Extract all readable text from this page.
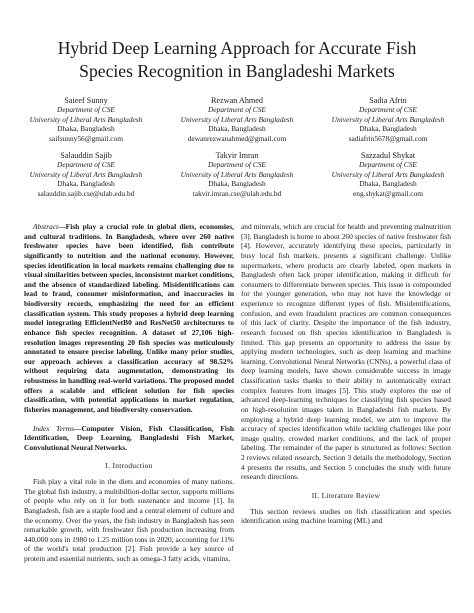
Hybrid Deep Learning Approach for Accurate Fish
Species Recognition in Bangladeshi Markets
Saieef Sunny
Department of CSE
University of Liberal Arts Bangladesh
Dhaka, Bangladesh
saifsunny56@gmail.com
Rezwan Ahmed
Department of CSE
University of Liberal Arts Bangladesh
Dhaka, Bangladesh
dewanrezwanahmed@gmail.com
Sadia Afrin
Department of CSE
University of Liberal Arts Bangladesh
Dhaka, Bangladesh
sadiafrin5678@gmail.com
Salauddin Sajib
Department of CSE
University of Liberal Arts Bangladesh
Dhaka, Bangladesh
salauddin.sajib.cse@ulab.edu.bd
Takvir Imran
Department of CSE
University of Liberal Arts Bangladesh
Dhaka, Bangladesh
takvir.imran.cse@ulab.edu.bd
Sazzadul Shykat
Department of CSE
University of Liberal Arts Bangladesh
Dhaka, Bangladesh
eng.shykat@gmail.com

Abstract—Fish play a crucial role in global diets, economies, and cultural traditions. In Bangladesh, where over 260 native freshwater species have been identified, fish contribute significantly to nutrition and the national economy. However, species identification in local markets remains challenging due to visual similarities between species, inconsistent market conditions, and the absence of standardized labeling. Misidentifications can lead to fraud, consumer misinformation, and inaccuracies in biodiversity records, emphasizing the need for an efficient classification system. This study proposes a hybrid deep learning model integrating EfficientNetB0 and ResNet50 architectures to enhance fish species recognition. A dataset of 27,106 high-resolution images representing 20 fish species was meticulously annotated to ensure precise labeling. Unlike many prior studies, our approach achieves a classification accuracy of 98.52% without requiring data augmentation, demonstrating its robustness in handling real-world variations. The proposed model offers a scalable and efficient solution for fish species classification, with potential applications in market regulation, fisheries management, and biodiversity conservation.

Index Terms—Computer Vision, Fish Classification, Fish Identification, Deep Learning, Bangladeshi Fish Market, Convolutional Neural Networks.

I. Introduction

Fish play a vital role in the diets and economies of many nations. The global fish industry, a multibillion-dollar sector, supports millions of people who rely on it for both sustenance and income [1]. In Bangladesh, fish are a staple food and a central element of culture and the economy. Over the years, the fish industry in Bangladesh has seen remarkable growth, with freshwater fish production increasing from 440,000 tons in 1980 to 1.25 million tons in 2020, accounting for 11% of the world's total production [2]. Fish provide a key source of protein and essential nutrients, such as omega-3 fatty acids, vitamins,

and minerals, which are crucial for health and preventing malnutrition [3]. Bangladesh is home to about 260 species of native freshwater fish [4]. However, accurately identifying these species, particularly in busy local fish markets, presents a significant challenge. Unlike supermarkets, where products are clearly labeled, open markets in Bangladesh often lack proper identification, making it difficult for consumers to differentiate between species. This issue is compounded for the younger generation, who may not have the knowledge or experience to recognize different types of fish. Misidentifications, confusion, and even fraudulent practices are common consequences of this lack of clarity. Despite the importance of the fish industry, research focused on fish species identification in Bangladesh is limited. This gap presents an opportunity to address the issue by applying modern technologies, such as deep learning and machine learning. Convolutional Neural Networks (CNNs), a powerful class of deep learning models, have shown considerable success in image classification tasks thanks to their ability to automatically extract complex features from images [5]. This study explores the use of advanced deep-learning techniques for classifying fish species based on high-resolution images taken in Bangladeshi fish markets. By employing a hybrid deep learning model, we aim to improve the accuracy of species identification while tackling challenges like poor image quality, crowded market conditions, and the lack of proper labeling. The remainder of the paper is structured as follows: Section 2 reviews related research, Section 3 details the methodology, Section 4 presents the results, and Section 5 concludes the study with future research directions.

II. Literature Review

This section reviews studies on fish classification and species identification using machine learning (ML) and
